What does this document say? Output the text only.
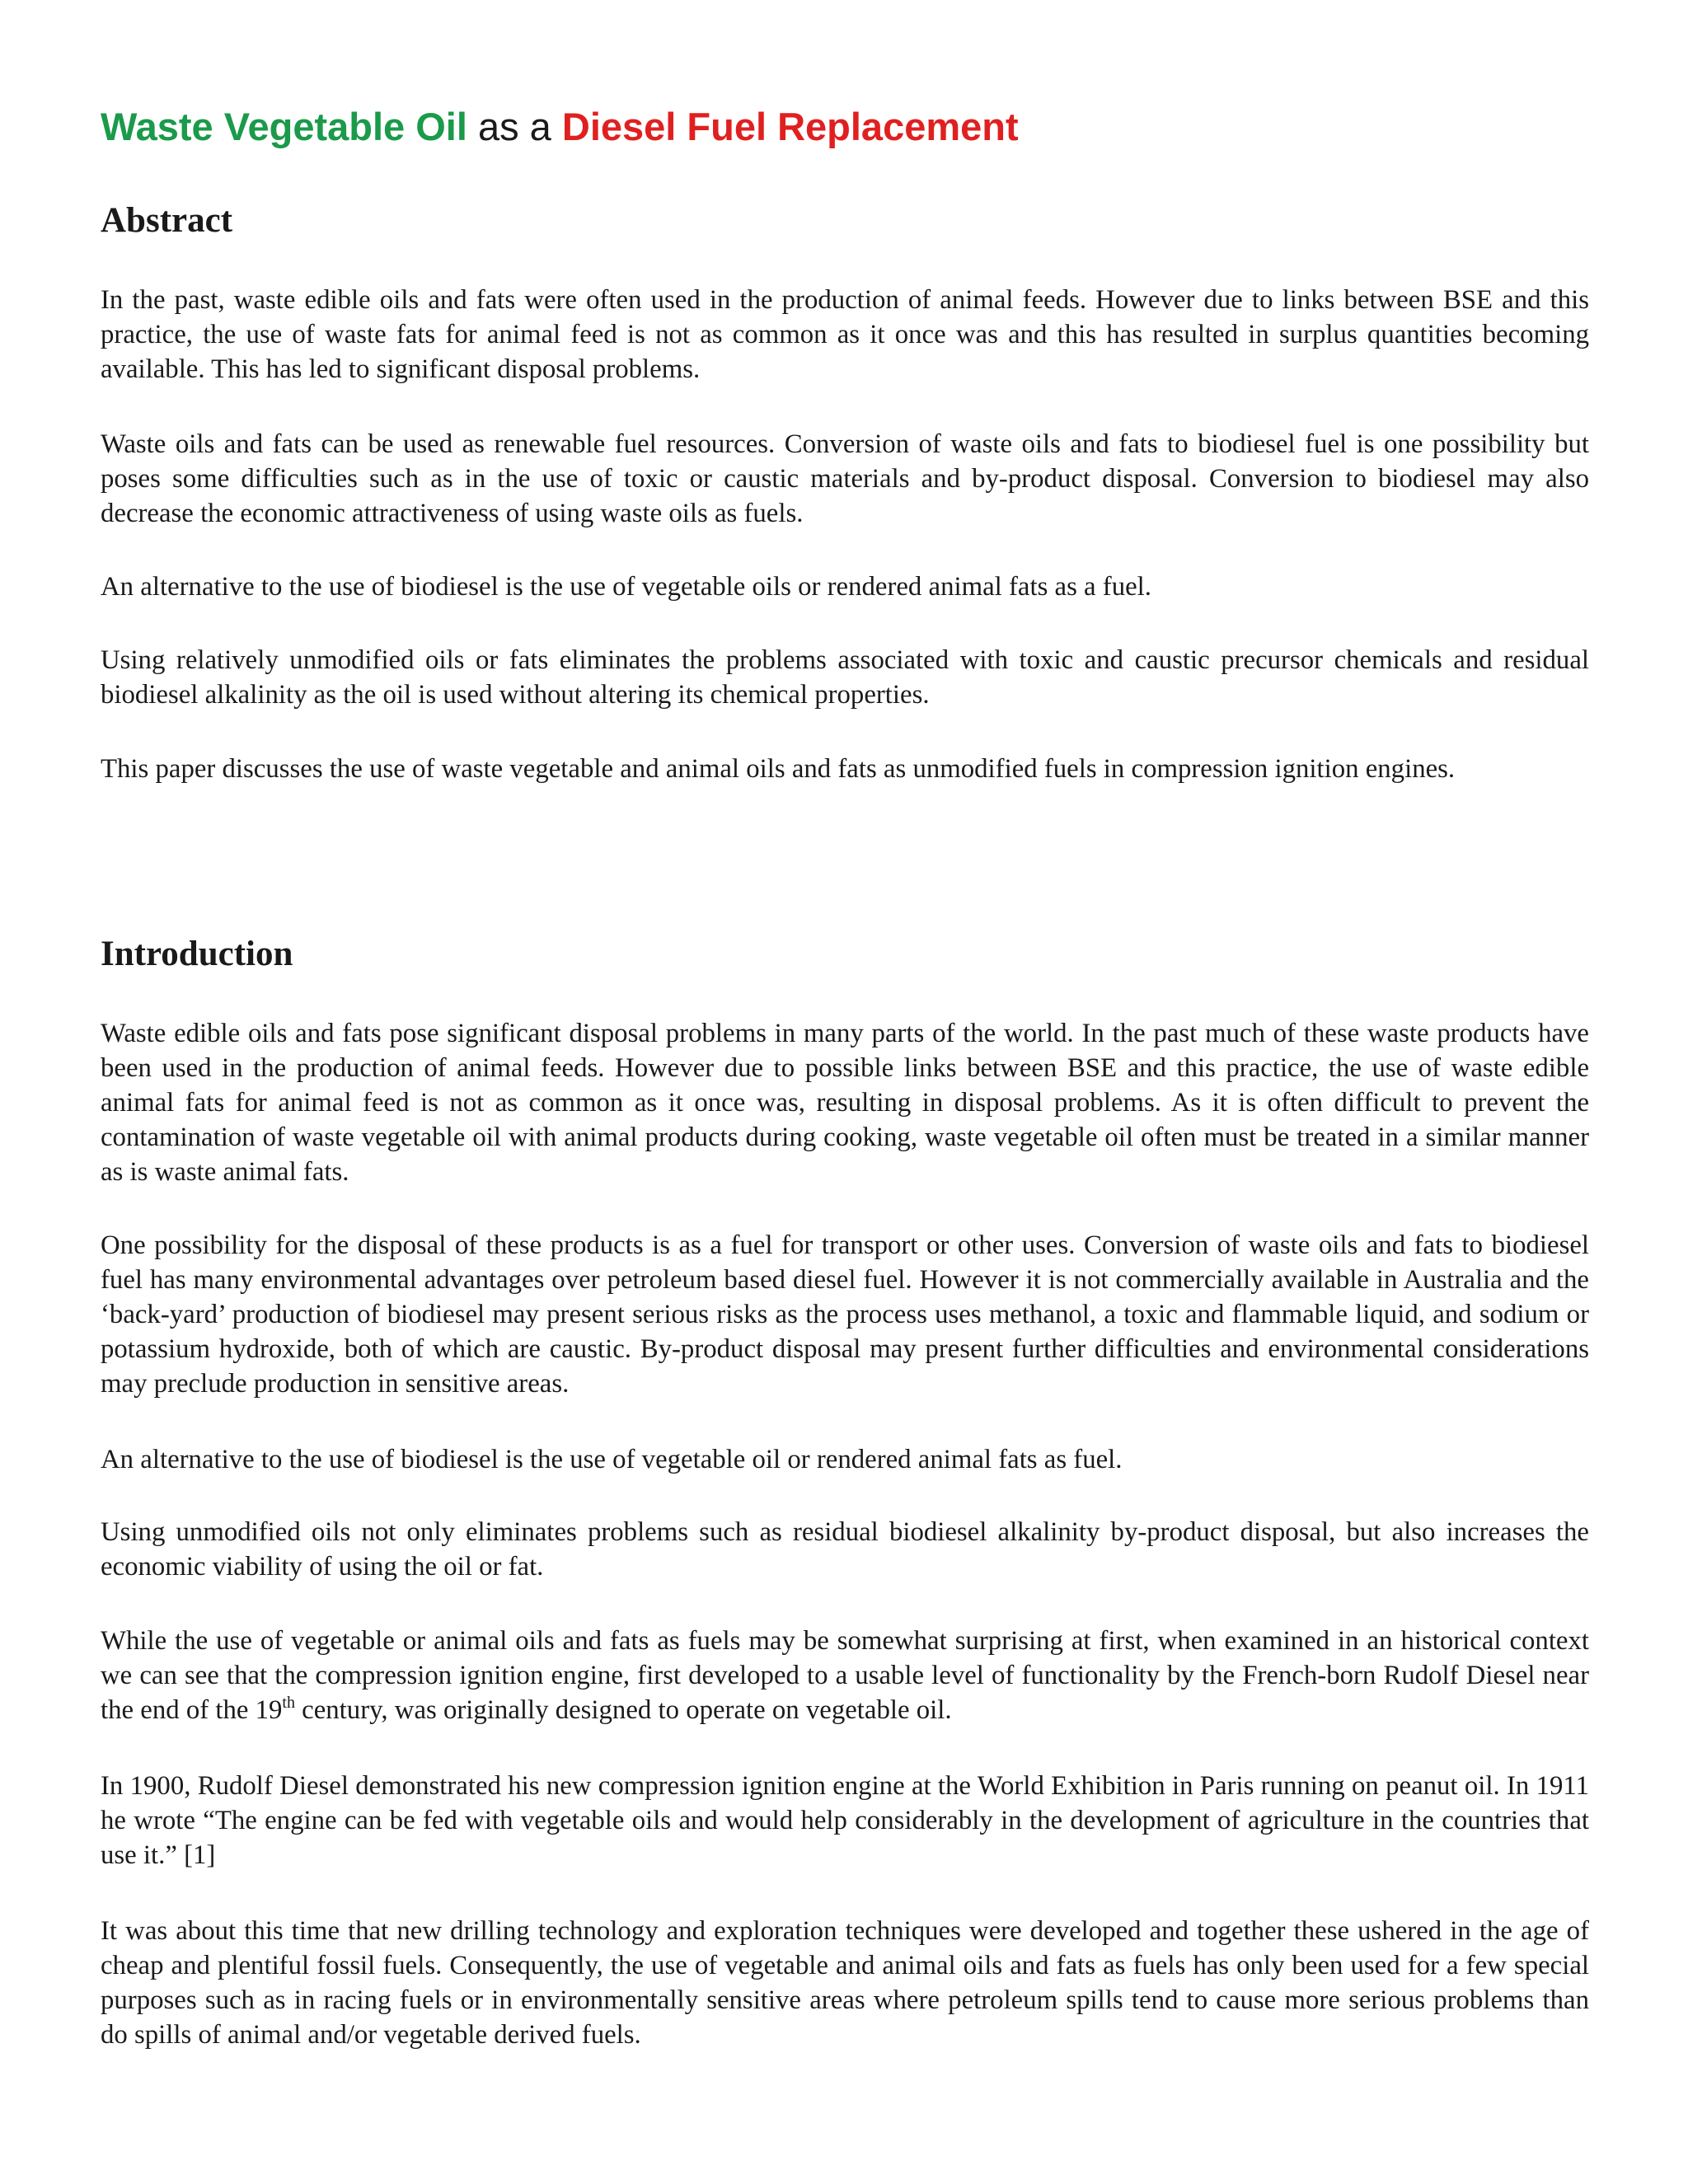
Waste Vegetable Oil as a Diesel Fuel Replacement
Abstract

In the past, waste edible oils and fats were often used in the production of animal feeds. However due to links between BSE and this practice, the use of waste fats for animal feed is not as common as it once was and this has resulted in surplus quantities becoming available. This has led to significant disposal problems.

Waste oils and fats can be used as renewable fuel resources. Conversion of waste oils and fats to biodiesel fuel is one possibility but poses some difficulties such as in the use of toxic or caustic materials and by-product disposal. Conversion to biodiesel may also decrease the economic attractiveness of using waste oils as fuels.

An alternative to the use of biodiesel is the use of vegetable oils or rendered animal fats as a fuel.

Using relatively unmodified oils or fats eliminates the problems associated with toxic and caustic precursor chemicals and residual biodiesel alkalinity as the oil is used without altering its chemical properties.

This paper discusses the use of waste vegetable and animal oils and fats as unmodified fuels in compression ignition engines.

Introduction

Waste edible oils and fats pose significant disposal problems in many parts of the world. In the past much of these waste products have been used in the production of animal feeds. However due to possible links between BSE and this practice, the use of waste edible animal fats for animal feed is not as common as it once was, resulting in disposal problems. As it is often difficult to prevent the contamination of waste vegetable oil with animal products during cooking, waste vegetable oil often must be treated in a similar manner as is waste animal fats.

One possibility for the disposal of these products is as a fuel for transport or other uses. Conversion of waste oils and fats to biodiesel fuel has many environmental advantages over petroleum based diesel fuel. However it is not commercially available in Australia and the ‘back-yard’ production of biodiesel may present serious risks as the process uses methanol, a toxic and flammable liquid, and sodium or potassium hydroxide, both of which are caustic. By-product disposal may present further difficulties and environmental considerations may preclude production in sensitive areas.

An alternative to the use of biodiesel is the use of vegetable oil or rendered animal fats as fuel.

Using unmodified oils not only eliminates problems such as residual biodiesel alkalinity by-product disposal, but also increases the economic viability of using the oil or fat.

While the use of vegetable or animal oils and fats as fuels may be somewhat surprising at first, when examined in an historical context we can see that the compression ignition engine, first developed to a usable level of functionality by the French-born Rudolf Diesel near the end of the 19th century, was originally designed to operate on vegetable oil.

In 1900, Rudolf Diesel demonstrated his new compression ignition engine at the World Exhibition in Paris running on peanut oil. In 1911 he wrote “The engine can be fed with vegetable oils and would help considerably in the development of agriculture in the countries that use it.” [1]

It was about this time that new drilling technology and exploration techniques were developed and together these ushered in the age of cheap and plentiful fossil fuels. Consequently, the use of vegetable and animal oils and fats as fuels has only been used for a few special purposes such as in racing fuels or in environmentally sensitive areas where petroleum spills tend to cause more serious problems than do spills of animal and/or vegetable derived fuels.
